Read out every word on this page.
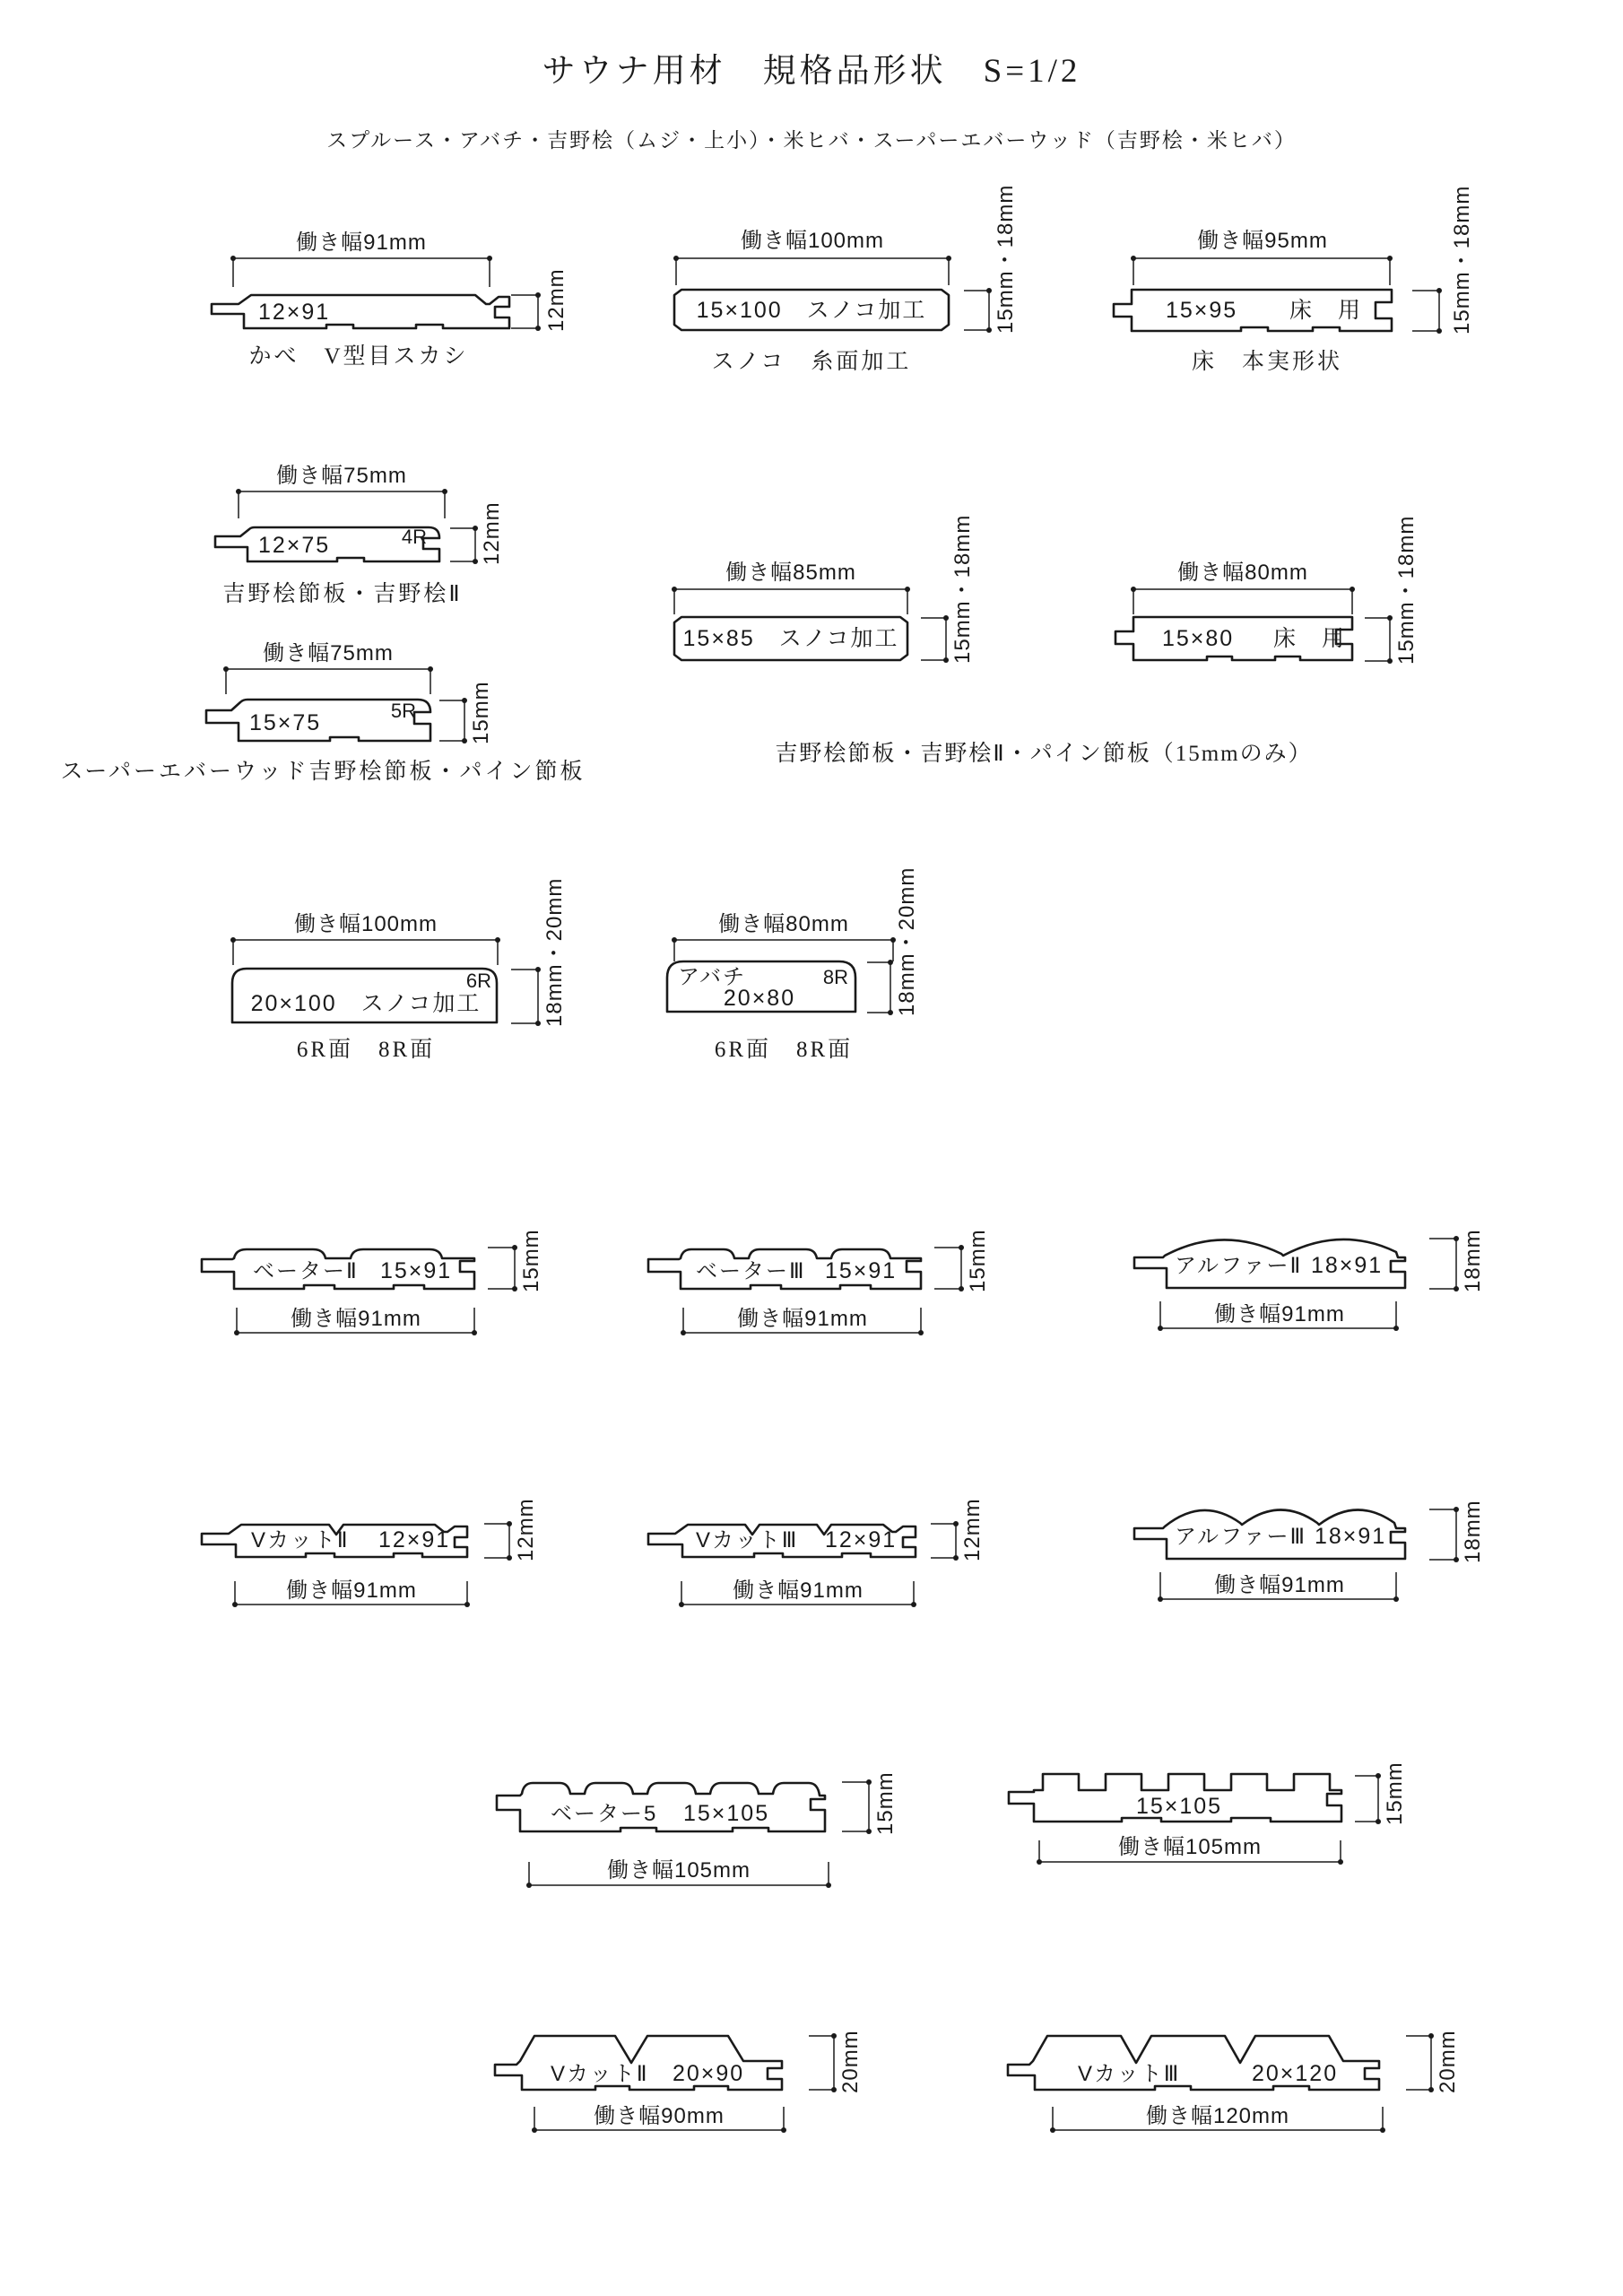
サウナ用材　規格品形状　S=1/2
スプルース・アバチ・吉野桧（ムジ・上小）・米ヒバ・スーパーエバーウッド（吉野桧・米ヒバ）
働き幅91mm
12×91	12mm
かべ　V型目スカシ
働き幅100mm
15×100　スノコ加工	15mm・18mm
スノコ　糸面加工
働き幅95mm
15×95 床　用	15mm・18mm
床　本実形状
働き幅75mm
12×75	4R 12mm
吉野桧節板・吉野桧Ⅱ
働き幅75mm
15×75	5R 15mm
スーパーエバーウッド吉野桧節板・パイン節板
働き幅85mm
15×85　スノコ加工 15mm・18mm	働き幅80mm
15×80 床　用 15mm・18mm
吉野桧節板・吉野桧Ⅱ・パイン節板（15mmのみ）
働き幅100mm
20×100　スノコ加工
6R 18mm・20mm
6R面　8R面
働き幅80mm
アバチ	8R
20×80	18mm・20mm
6R面　8R面
ベーターⅡ 15×91
働き幅91mm
15mm	ベーターⅢ 15×91
働き幅91mm
15mm	アルファーⅡ 18×91
働き幅91mm
18mm
VカットⅡ 12×91
働き幅91mm
12mm	VカットⅢ 12×91
働き幅91mm
12mm	アルファーⅢ 18×91
働き幅91mm
18mm
ベーター5 15×105
働き幅105mm
15mm	15×105
働き幅105mm
15mm
VカットⅡ 20×90
働き幅90mm
20mm	VカットⅢ	20×120
働き幅120mm
20mm
